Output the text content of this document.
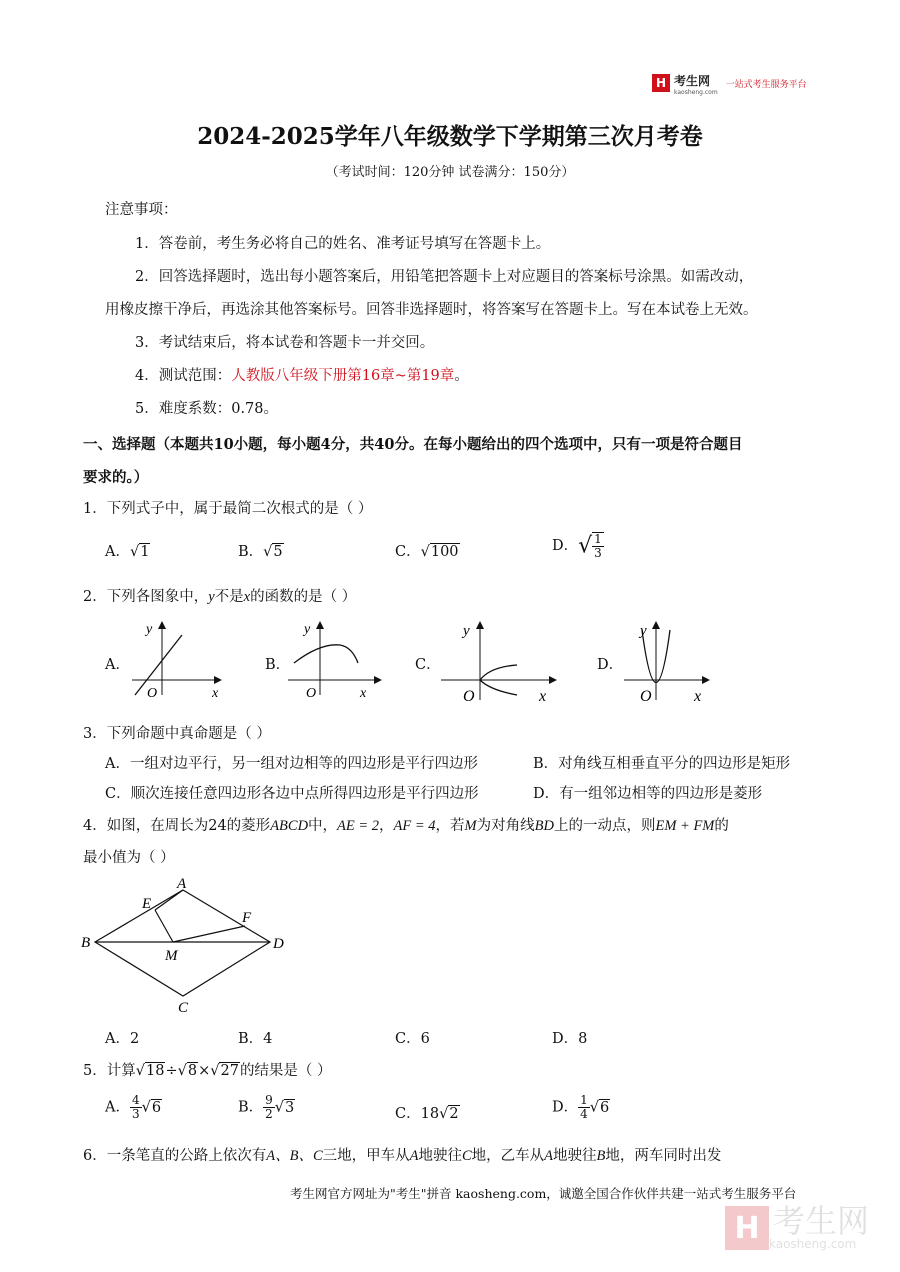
H 考生网
kaosheng.com
一站式考生服务平台
2024-2025学年八年级数学下学期第三次月考卷
（考试时间：120分钟 试卷满分：150分）
注意事项：
1．答卷前，考生务必将自己的姓名、准考证号填写在答题卡上。
2．回答选择题时，选出每小题答案后，用铅笔把答题卡上对应题目的答案标号涂黑。如需改动，
用橡皮擦干净后，再选涂其他答案标号。回答非选择题时，将答案写在答题卡上。写在本试卷上无效。
3．考试结束后，将本试卷和答题卡一并交回。
4．测试范围：人教版八年级下册第16章~第19章。
5．难度系数：0.78。
一、选择题（本题共10小题，每小题4分，共40分。在每小题给出的四个选项中，只有一项是符合题目
要求的。）
1．下列式子中，属于最简二次根式的是（ ）
A．√1	B．√5	C．√100	D．√ $\frac{1}{3}$
2．下列各图象中，y不是x的函数的是（ ）
A．	B．	C．	D．
y
x
O
y
x
O
y
x
O
y
x
O
3．下列命题中真命题是（ ）
A．一组对边平行，另一组对边相等的四边形是平行四边形	B．对角线互相垂直平分的四边形是矩形
C．顺次连接任意四边形各边中点所得四边形是平行四边形	D．有一组邻边相等的四边形是菱形
4．如图，在周长为24的菱形ABCD中，AE = 2，AF = 4，若M为对角线BD上的一动点，则EM + FM的
最小值为（ ）
A
B
C
D
E
F
M
A．2	B．4	C．6	D．8
5．计算√18÷√8×√27的结果是（ ）
A． $\frac{4}{3} √6$	B． $\frac{9}{2} √3$	C．18√2	D． $\frac{1}{4} √6$
6．一条笔直的公路上依次有A、B、C三地，甲车从A地驶往C地，乙车从A地驶往B地，两车同时出发
考生网官方网址为"考生"拼音 kaosheng.com，诚邀全国合作伙伴共建一站式考生服务平台
H 考生网
kaosheng.com
